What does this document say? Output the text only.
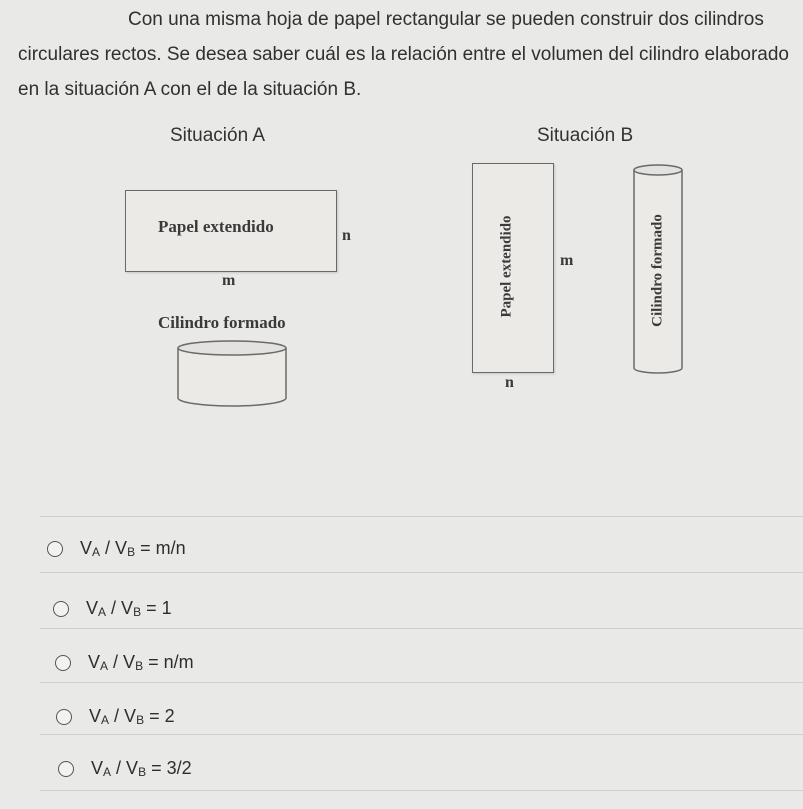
Con una misma hoja de papel rectangular se pueden construir dos cilindros circulares rectos. Se desea saber cuál es la relación entre el volumen del cilindro elaborado en la situación A con el de la situación B.
Situación A
Papel extendido	n
m
Cilindro formado
Situación B
Papel extendido	m
n
Cilindro formado
$V_A / V_B = m/n$
$V_A / V_B = 1$
$V_A / V_B = n/m$
$V_A / V_B = 2$
$V_A / V_B = 3/2$
